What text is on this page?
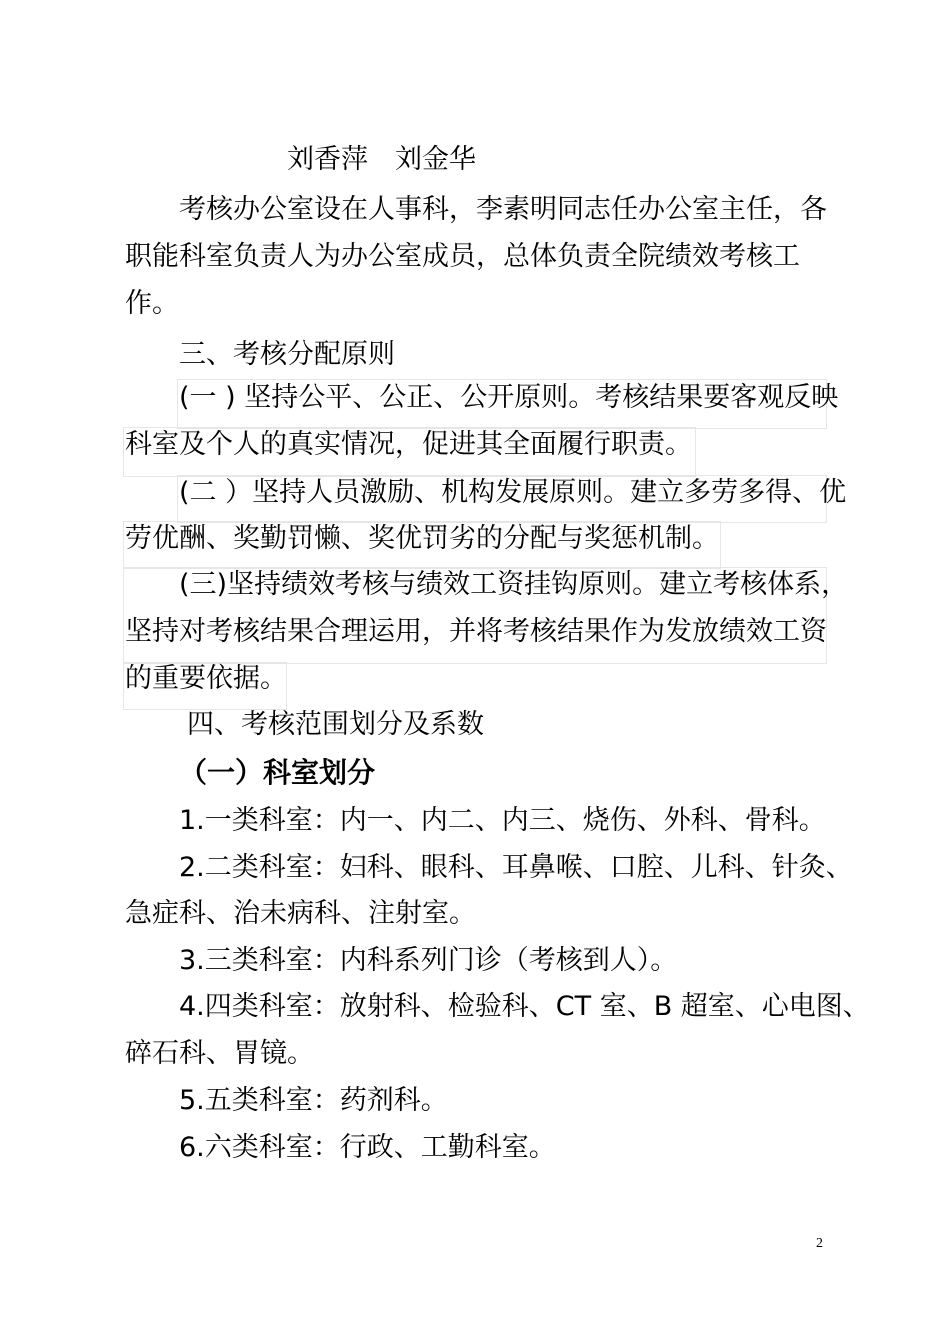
刘香萍　刘金华

考核办公室设在人事科，李素明同志任办公室主任，各

职能科室负责人为办公室成员，总体负责全院绩效考核工

作。

三、考核分配原则

(一 ) 坚持公平、公正、公开原则。考核结果要客观反映

科室及个人的真实情况，促进其全面履行职责。

(二 ）坚持人员激励、机构发展原则。建立多劳多得、优

劳优酬、奖勤罚懒、奖优罚劣的分配与奖惩机制。

(三)坚持绩效考核与绩效工资挂钩原则。建立考核体系，

坚持对考核结果合理运用，并将考核结果作为发放绩效工资

的重要依据。

四、考核范围划分及系数

（一）科室划分

1.一类科室：内一、内二、内三、烧伤、外科、骨科。

2.二类科室：妇科、眼科、耳鼻喉、口腔、儿科、针灸、

急症科、治未病科、注射室。

3.三类科室：内科系列门诊（考核到人）。

4.四类科室：放射科、检验科、CT 室、B 超室、心电图、

碎石科、胃镜。

5.五类科室：药剂科。

6.六类科室：行政、工勤科室。

2
